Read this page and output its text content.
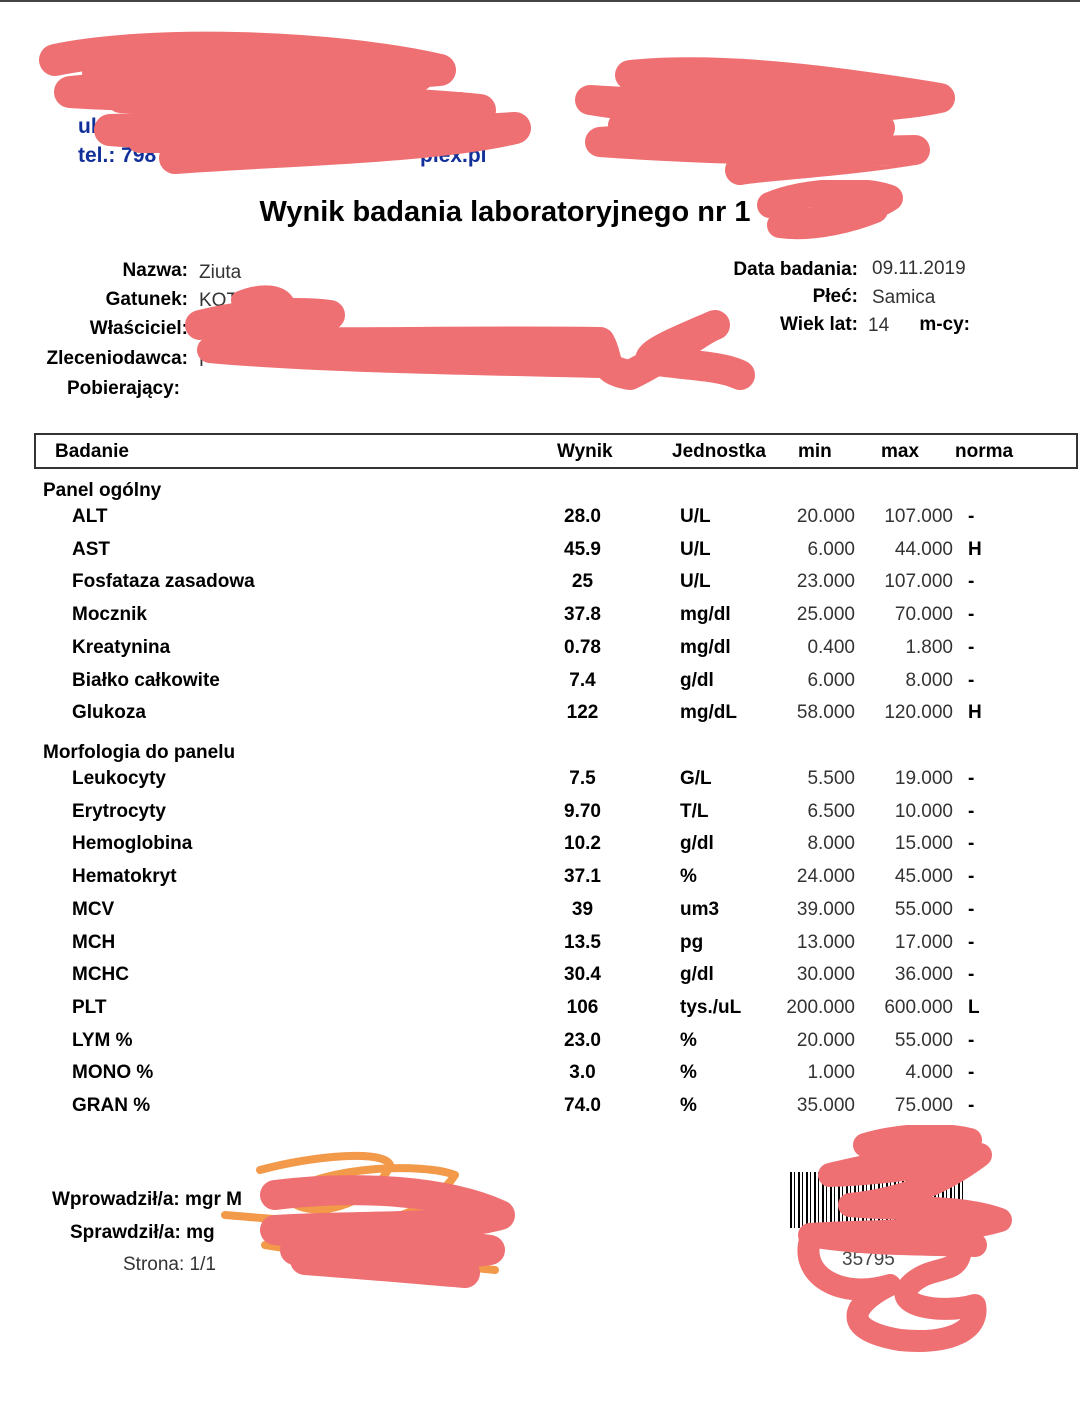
ul.	93
tel.: 798	www.	plex.pl
Wynik badania laboratoryjnego nr 1
Nazwa: Ziuta
Gatunek: KOT
Właściciel:
Zleceniodawca: F
Pobierający:
Data badania: 09.11.2019
Płeć: Samica
Wiek lat: 14	m-cy:
Badanie	Wynik	Jednostka min	max norma
Panel ogólny
ALT	28.0	U/L	20.000	107.000 -
AST	45.9	U/L	6.000	44.000 H
Fosfataza zasadowa	25	U/L	23.000	107.000 -
Mocznik	37.8	mg/dl	25.000	70.000 -
Kreatynina	0.78	mg/dl	0.400	1.800 -
Białko całkowite	7.4	g/dl	6.000	8.000 -
Glukoza	122	mg/dL	58.000	120.000 H
Morfologia do panelu
Leukocyty	7.5	G/L	5.500	19.000 -
Erytrocyty	9.70	T/L	6.500	10.000 -
Hemoglobina	10.2	g/dl	8.000	15.000 -
Hematokryt	37.1	%	24.000	45.000 -
MCV	39	um3	39.000	55.000 -
MCH	13.5	pg	13.000	17.000 -
MCHC	30.4	g/dl	30.000	36.000 -
PLT	106	tys./uL	200.000	600.000 L
LYM %	23.0	%	20.000	55.000 -
MONO %	3.0	%	1.000	4.000 -
GRAN %	74.0	%	35.000	75.000 -
Wprowadził/a: mgr M
Sprawdził/a: mg
Strona: 1/1	35795
